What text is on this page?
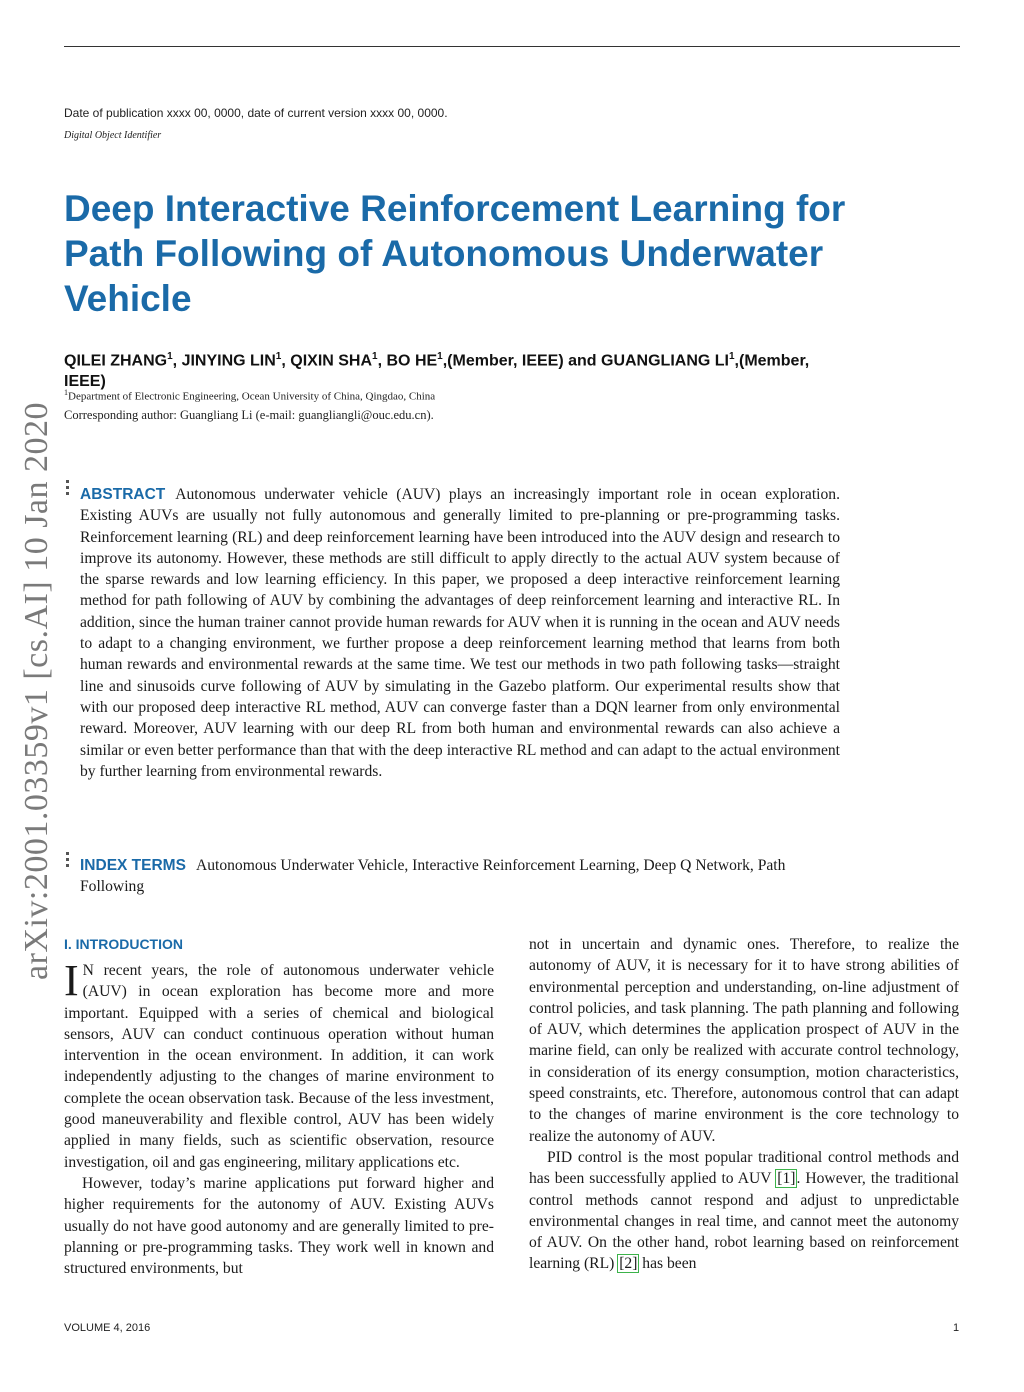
Date of publication xxxx 00, 0000, date of current version xxxx 00, 0000.
Digital Object Identifier
Deep Interactive Reinforcement Learning for Path Following of Autonomous Underwater Vehicle
QILEI ZHANG$^1$, JINYING LIN$^1$, QIXIN SHA$^1$, BO $HE^1,(Member$, IEEE) and GUANGLIANG $LI^1,(Member$, IEEE)
$^1$Department of Electronic Engineering, Ocean University of China, Qingdao, China
Corresponding author: Guangliang Li (e-mail: guangliangli@ouc.edu.cn).
arXiv:2001.03359v1 [cs.AI] 10 Jan 2020 ABSTRACT Autonomous underwater vehicle (AUV) plays an increasingly important role in ocean exploration. Existing AUVs are usually not fully autonomous and generally limited to pre-planning or pre-programming tasks. Reinforcement learning (RL) and deep reinforcement learning have been introduced into the AUV design and research to improve its autonomy. However, these methods are still difficult to apply directly to the actual AUV system because of the sparse rewards and low learning efficiency. In this paper, we proposed a deep interactive reinforcement learning method for path following of AUV by combining the advantages of deep reinforcement learning and interactive RL. In addition, since the human trainer cannot provide human rewards for AUV when it is running in the ocean and AUV needs to adapt to a changing environment, we further propose a deep reinforcement learning method that learns from both human rewards and environmental rewards at the same time. We test our methods in two path following tasks—straight line and sinusoids curve following of AUV by simulating in the Gazebo platform. Our experimental results show that with our proposed deep interactive RL method, AUV can converge faster than a DQN learner from only environmental reward. Moreover, AUV learning with our deep RL from both human and environmental rewards can also achieve a similar or even better performance than that with the deep interactive RL method and can adapt to the actual environment by further learning from environmental rewards.

INDEX TERMS Autonomous Underwater Vehicle, Interactive Reinforcement Learning, Deep Q Network, Path Following

I. INTRODUCTION

I N recent years, the role of autonomous underwater vehicle (AUV) in ocean exploration has become more and more important. Equipped with a series of chemical and biological sensors, AUV can conduct continuous operation without human intervention in the ocean environment. In addition, it can work independently adjusting to the changes of marine environment to complete the ocean observation task. Because of the less investment, good maneuverability and flexible control, AUV has been widely applied in many fields, such as scientific observation, resource investigation, oil and gas engineering, military applications etc.

However, today’s marine applications put forward higher and higher requirements for the autonomy of AUV. Existing AUVs usually do not have good autonomy and are generally limited to pre-planning or pre-programming tasks. They work well in known and structured environments, but

not in uncertain and dynamic ones. Therefore, to realize the autonomy of AUV, it is necessary for it to have strong abilities of environmental perception and understanding, on-line adjustment of control policies, and task planning. The path planning and following of AUV, which determines the application prospect of AUV in the marine field, can only be realized with accurate control technology, in consideration of its energy consumption, motion characteristics, speed constraints, etc. Therefore, autonomous control that can adapt to the changes of marine environment is the core technology to realize the autonomy of AUV.

PID control is the most popular traditional control methods and has been successfully applied to AUV [1]. However, the traditional control methods cannot respond and adjust to unpredictable environmental changes in real time, and cannot meet the autonomy of AUV. On the other hand, robot learning based on reinforcement learning (RL) [2] has been

VOLUME 4, 2016	1
